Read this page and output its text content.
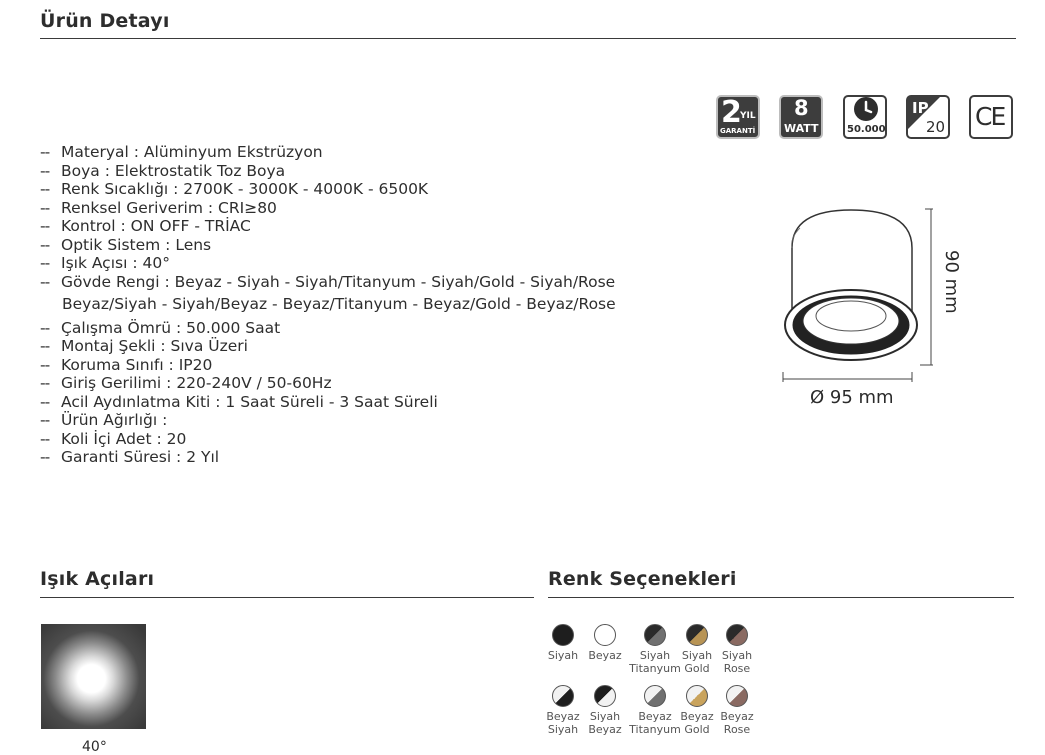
Ürün Detayı
2
YIL
GARANTİ
8
WATT	50.000
IP
20 CE
-- Materyal : Alüminyum Ekstrüzyon
-- Boya : Elektrostatik Toz Boya
-- Renk Sıcaklığı : 2700K - 3000K - 4000K - 6500K
-- Renksel Geriverim : CRI≥80
-- Kontrol : ON OFF - TRİAC
-- Optik Sistem : Lens
-- Işık Açısı : 40°
-- Gövde Rengi : Beyaz - Siyah - Siyah/Titanyum - Siyah/Gold - Siyah/Rose
Beyaz/Siyah - Siyah/Beyaz - Beyaz/Titanyum - Beyaz/Gold - Beyaz/Rose
-- Çalışma Ömrü : 50.000 Saat
-- Montaj Şekli : Sıva Üzeri
-- Koruma Sınıfı : IP20
-- Giriş Gerilimi : 220-240V / 50-60Hz
-- Acil Aydınlatma Kiti : 1 Saat Süreli - 3 Saat Süreli
-- Ürün Ağırlığı :
-- Koli İçi Adet : 20
-- Garanti Süresi : 2 Yıl
90 mm
Ø 95 mm
Işık Açıları
40°
Renk Seçenekleri
Siyah Beyaz	Siyah
Titanyum
Siyah
Gold
Siyah
Rose
Beyaz
Siyah
Siyah
Beyaz
Beyaz
Titanyum
Beyaz
Gold
Beyaz
Rose
